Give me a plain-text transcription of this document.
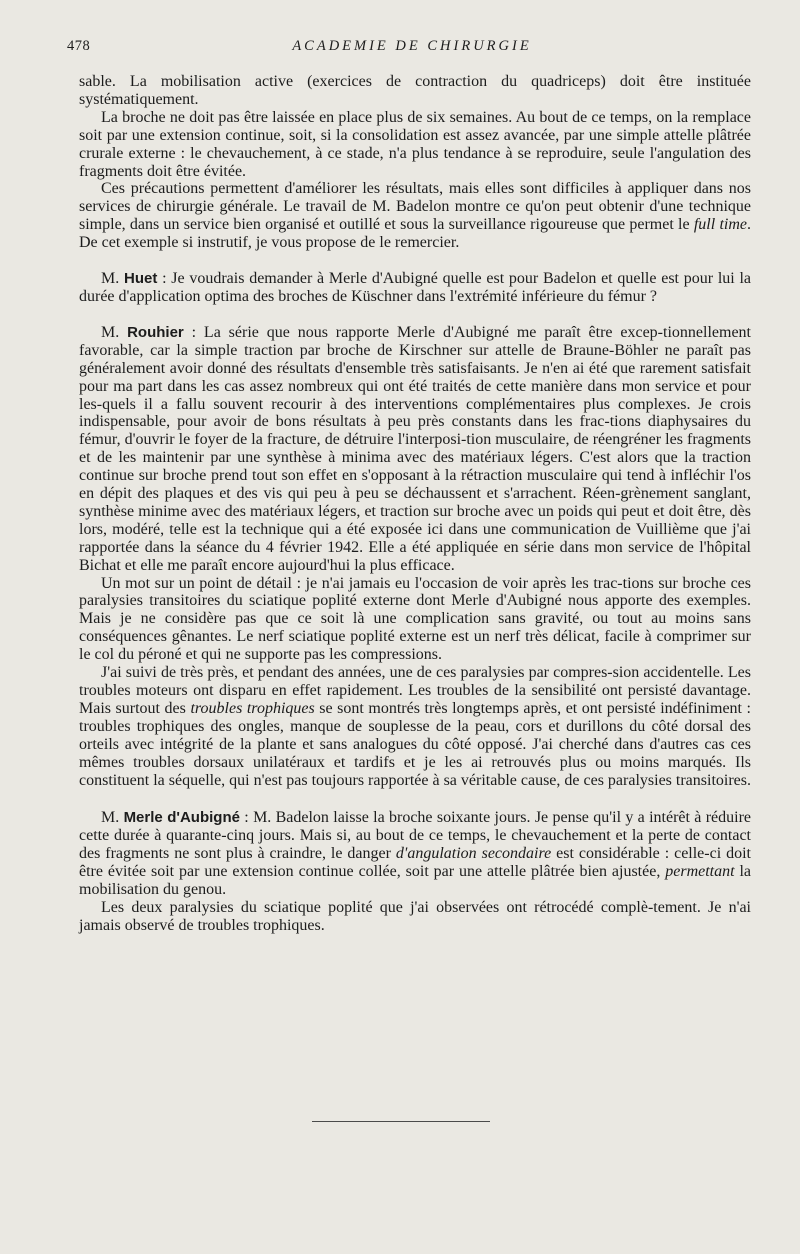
478	ACADEMIE DE CHIRURGIE

sable. La mobilisation active (exercices de contraction du quadriceps) doit être instituée systématiquement.

La broche ne doit pas être laissée en place plus de six semaines. Au bout de ce temps, on la remplace soit par une extension continue, soit, si la consolidation est assez avancée, par une simple attelle plâtrée crurale externe : le chevauchement, à ce stade, n'a plus tendance à se reproduire, seule l'angulation des fragments doit être évitée.

Ces précautions permettent d'améliorer les résultats, mais elles sont difficiles à appliquer dans nos services de chirurgie générale. Le travail de M. Badelon montre ce qu'on peut obtenir d'une technique simple, dans un service bien organisé et outillé et sous la surveillance rigoureuse que permet le full time. De cet exemple si instrutif, je vous propose de le remercier.

M. Huet : Je voudrais demander à Merle d'Aubigné quelle est pour Badelon et quelle est pour lui la durée d'application optima des broches de Küschner dans l'extrémité inférieure du fémur ?

M. Rouhier : La série que nous rapporte Merle d'Aubigné me paraît être excep-tionnellement favorable, car la simple traction par broche de Kirschner sur attelle de Braune-Böhler ne paraît pas généralement avoir donné des résultats d'ensemble très satisfaisants. Je n'en ai été que rarement satisfait pour ma part dans les cas assez nombreux qui ont été traités de cette manière dans mon service et pour les-quels il a fallu souvent recourir à des interventions complémentaires plus complexes. Je crois indispensable, pour avoir de bons résultats à peu près constants dans les frac-tions diaphysaires du fémur, d'ouvrir le foyer de la fracture, de détruire l'interposi-tion musculaire, de réengréner les fragments et de les maintenir par une synthèse à minima avec des matériaux légers. C'est alors que la traction continue sur broche prend tout son effet en s'opposant à la rétraction musculaire qui tend à infléchir l'os en dépit des plaques et des vis qui peu à peu se déchaussent et s'arrachent. Réen-grènement sanglant, synthèse minime avec des matériaux légers, et traction sur broche avec un poids qui peut et doit être, dès lors, modéré, telle est la technique qui a été exposée ici dans une communication de Vuillième que j'ai rapportée dans la séance du 4 février 1942. Elle a été appliquée en série dans mon service de l'hôpital Bichat et elle me paraît encore aujourd'hui la plus efficace.

Un mot sur un point de détail : je n'ai jamais eu l'occasion de voir après les trac-tions sur broche ces paralysies transitoires du sciatique poplité externe dont Merle d'Aubigné nous apporte des exemples. Mais je ne considère pas que ce soit là une complication sans gravité, ou tout au moins sans conséquences gênantes. Le nerf sciatique poplité externe est un nerf très délicat, facile à comprimer sur le col du péroné et qui ne supporte pas les compressions.

J'ai suivi de très près, et pendant des années, une de ces paralysies par compres-sion accidentelle. Les troubles moteurs ont disparu en effet rapidement. Les troubles de la sensibilité ont persisté davantage. Mais surtout des troubles trophiques se sont montrés très longtemps après, et ont persisté indéfiniment : troubles trophiques des ongles, manque de souplesse de la peau, cors et durillons du côté dorsal des orteils avec intégrité de la plante et sans analogues du côté opposé. J'ai cherché dans d'autres cas ces mêmes troubles dorsaux unilatéraux et tardifs et je les ai retrouvés plus ou moins marqués. Ils constituent la séquelle, qui n'est pas toujours rapportée à sa véritable cause, de ces paralysies transitoires.

M. Merle d'Aubigné : M. Badelon laisse la broche soixante jours. Je pense qu'il y a intérêt à réduire cette durée à quarante-cinq jours. Mais si, au bout de ce temps, le chevauchement et la perte de contact des fragments ne sont plus à craindre, le danger d'angulation secondaire est considérable : celle-ci doit être évitée soit par une extension continue collée, soit par une attelle plâtrée bien ajustée, permettant la mobilisation du genou.

Les deux paralysies du sciatique poplité que j'ai observées ont rétrocédé complè-tement. Je n'ai jamais observé de troubles trophiques.
